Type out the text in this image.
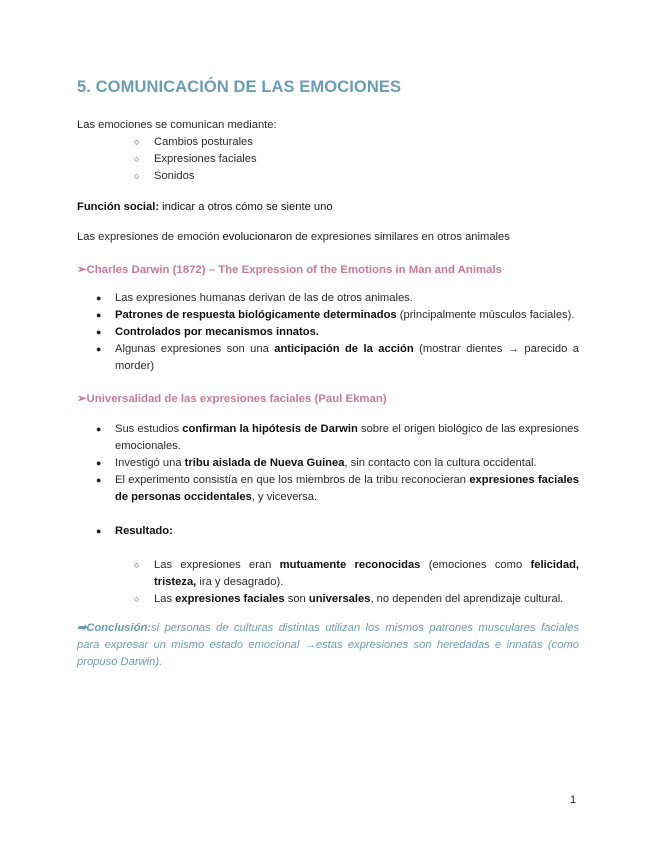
5. COMUNICACIÓN DE LAS EMOCIONES

Las emociones se comunican mediante:

○ Cambios posturales
○ Expresiones faciales
○ Sonidos

Función social: indicar a otros cómo se siente uno

Las expresiones de emoción evolucionaron de expresiones similares en otros animales

➢Charles Darwin (1872) – The Expression of the Emotions in Man and Animals

● Las expresiones humanas derivan de las de otros animales.
● Patrones de respuesta biológicamente determinados (principalmente músculos faciales).
● Controlados por mecanismos innatos.
● Algunas expresiones son una anticipación de la acción (mostrar dientes → parecido a morder)

➢Universalidad de las expresiones faciales (Paul Ekman)

● Sus estudios confirman la hipótesis de Darwin sobre el origen biológico de las expresiones emocionales.
● Investigó una tribu aislada de Nueva Guinea, sin contacto con la cultura occidental.
● El experimento consistía en que los miembros de la tribu reconocieran expresiones faciales de personas occidentales, y viceversa.
● Resultado:
○ Las expresiones eran mutuamente reconocidas (emociones como felicidad, tristeza, ira y desagrado).
○ Las expresiones faciales son universales, no dependen del aprendizaje cultural.

➡Conclusión:si personas de culturas distintas utilizan los mismos patrones musculares faciales para expresar un mismo estado emocional →estas expresiones son heredadas e innatas (como propuso Darwin).

1
